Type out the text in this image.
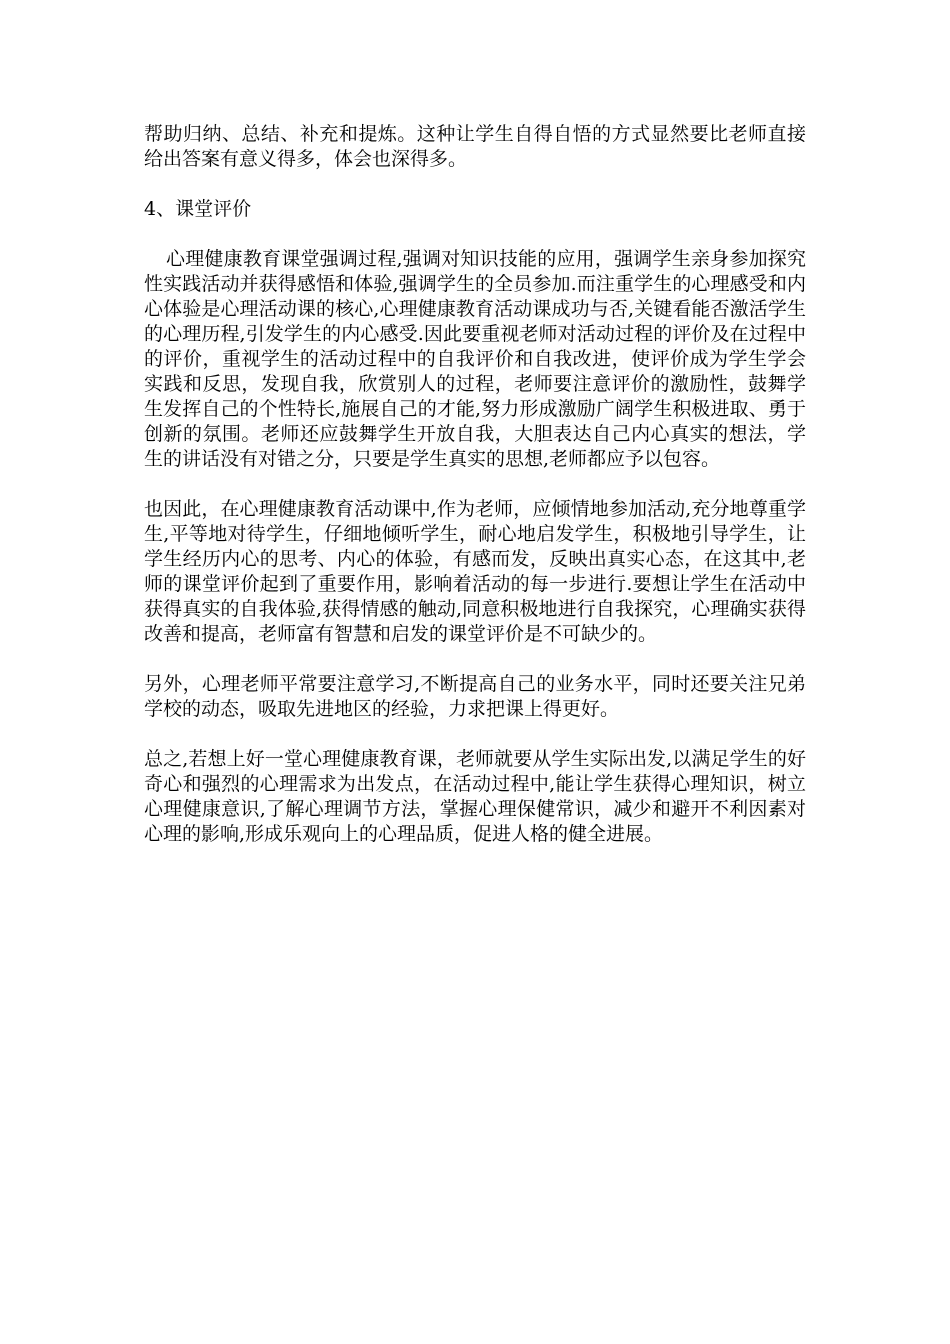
帮助归纳、总结、补充和提炼。这种让学生自得自悟的方式显然要比老师直接给出答案有意义得多，体会也深得多。

4、课堂评价

心理健康教育课堂强调过程,强调对知识技能的应用，强调学生亲身参加探究性实践活动并获得感悟和体验,强调学生的全员参加.而注重学生的心理感受和内心体验是心理活动课的核心,心理健康教育活动课成功与否,关键看能否激活学生的心理历程,引发学生的内心感受.因此要重视老师对活动过程的评价及在过程中的评价，重视学生的活动过程中的自我评价和自我改进，使评价成为学生学会实践和反思，发现自我，欣赏别人的过程，老师要注意评价的激励性，鼓舞学生发挥自己的个性特长,施展自己的才能,努力形成激励广阔学生积极进取、勇于创新的氛围。老师还应鼓舞学生开放自我，大胆表达自己内心真实的想法，学生的讲话没有对错之分，只要是学生真实的思想,老师都应予以包容。

也因此，在心理健康教育活动课中,作为老师，应倾情地参加活动,充分地尊重学生,平等地对待学生，仔细地倾听学生，耐心地启发学生，积极地引导学生，让学生经历内心的思考、内心的体验，有感而发，反映出真实心态，在这其中,老师的课堂评价起到了重要作用，影响着活动的每一步进行.要想让学生在活动中获得真实的自我体验,获得情感的触动,同意积极地进行自我探究，心理确实获得改善和提高，老师富有智慧和启发的课堂评价是不可缺少的。

另外，心理老师平常要注意学习,不断提高自己的业务水平，同时还要关注兄弟学校的动态，吸取先进地区的经验，力求把课上得更好。

总之,若想上好一堂心理健康教育课，老师就要从学生实际出发,以满足学生的好奇心和强烈的心理需求为出发点，在活动过程中,能让学生获得心理知识，树立心理健康意识,了解心理调节方法，掌握心理保健常识，减少和避开不利因素对心理的影响,形成乐观向上的心理品质，促进人格的健全进展。
